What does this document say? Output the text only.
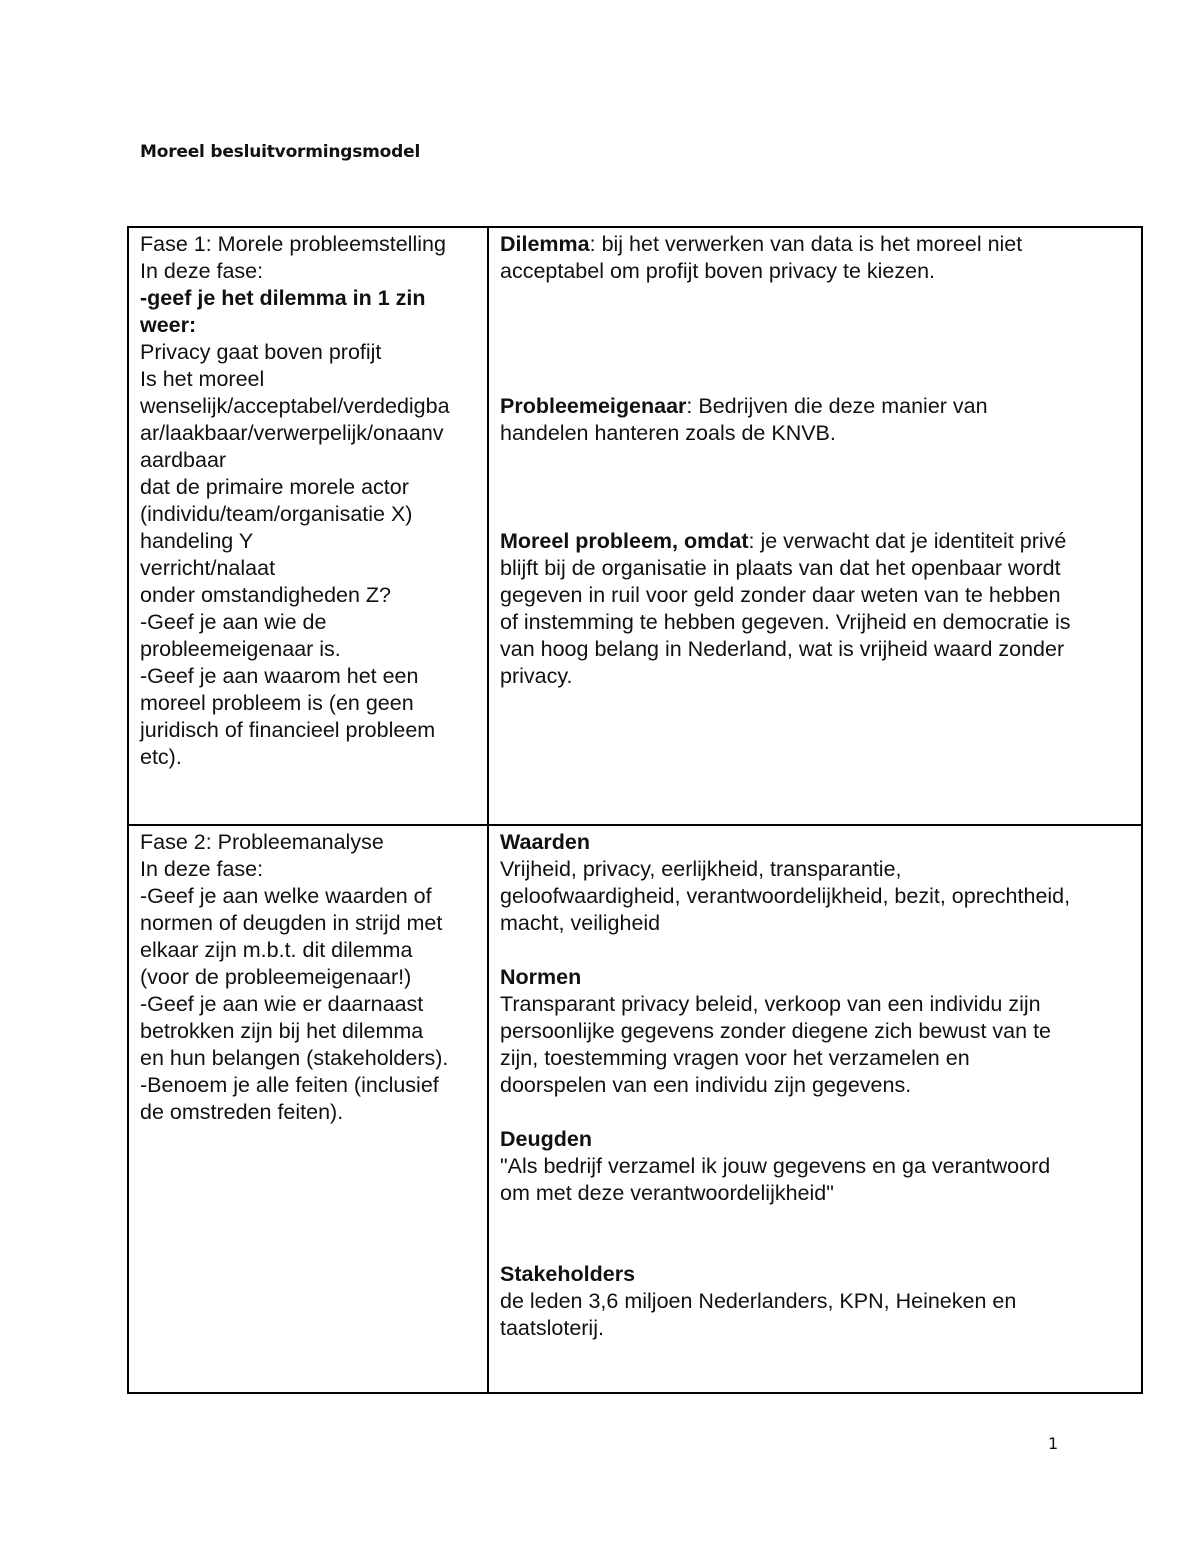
Moreel besluitvormingsmodel
Fase 1: Morele probleemstelling
In deze fase:
-geef je het dilemma in 1 zin
weer:
Privacy gaat boven profijt
Is het moreel
wenselijk/acceptabel/verdedigba
ar/laakbaar/verwerpelijk/onaanv
aardbaar
dat de primaire morele actor
(individu/team/organisatie X)
handeling Y
verricht/nalaat
onder omstandigheden Z?
-Geef je aan wie de
probleemeigenaar is.
-Geef je aan waarom het een
moreel probleem is (en geen
juridisch of financieel probleem
etc).
Dilemma: bij het verwerken van data is het moreel niet
acceptabel om profijt boven privacy te kiezen.
Probleemeigenaar: Bedrijven die deze manier van
handelen hanteren zoals de KNVB.
Moreel probleem, omdat: je verwacht dat je identiteit privé
blijft bij de organisatie in plaats van dat het openbaar wordt
gegeven in ruil voor geld zonder daar weten van te hebben
of instemming te hebben gegeven. Vrijheid en democratie is
van hoog belang in Nederland, wat is vrijheid waard zonder
privacy.
Fase 2: Probleemanalyse
In deze fase:
-Geef je aan welke waarden of
normen of deugden in strijd met
elkaar zijn m.b.t. dit dilemma
(voor de probleemeigenaar!)
-Geef je aan wie er daarnaast
betrokken zijn bij het dilemma
en hun belangen (stakeholders).
-Benoem je alle feiten (inclusief
de omstreden feiten).
Waarden
Vrijheid, privacy, eerlijkheid, transparantie,
geloofwaardigheid, verantwoordelijkheid, bezit, oprechtheid,
macht, veiligheid
Normen
Transparant privacy beleid, verkoop van een individu zijn
persoonlijke gegevens zonder diegene zich bewust van te
zijn, toestemming vragen voor het verzamelen en
doorspelen van een individu zijn gegevens.
Deugden
"Als bedrijf verzamel ik jouw gegevens en ga verantwoord
om met deze verantwoordelijkheid"
Stakeholders
de leden 3,6 miljoen Nederlanders, KPN, Heineken en
taatsloterij.
1
